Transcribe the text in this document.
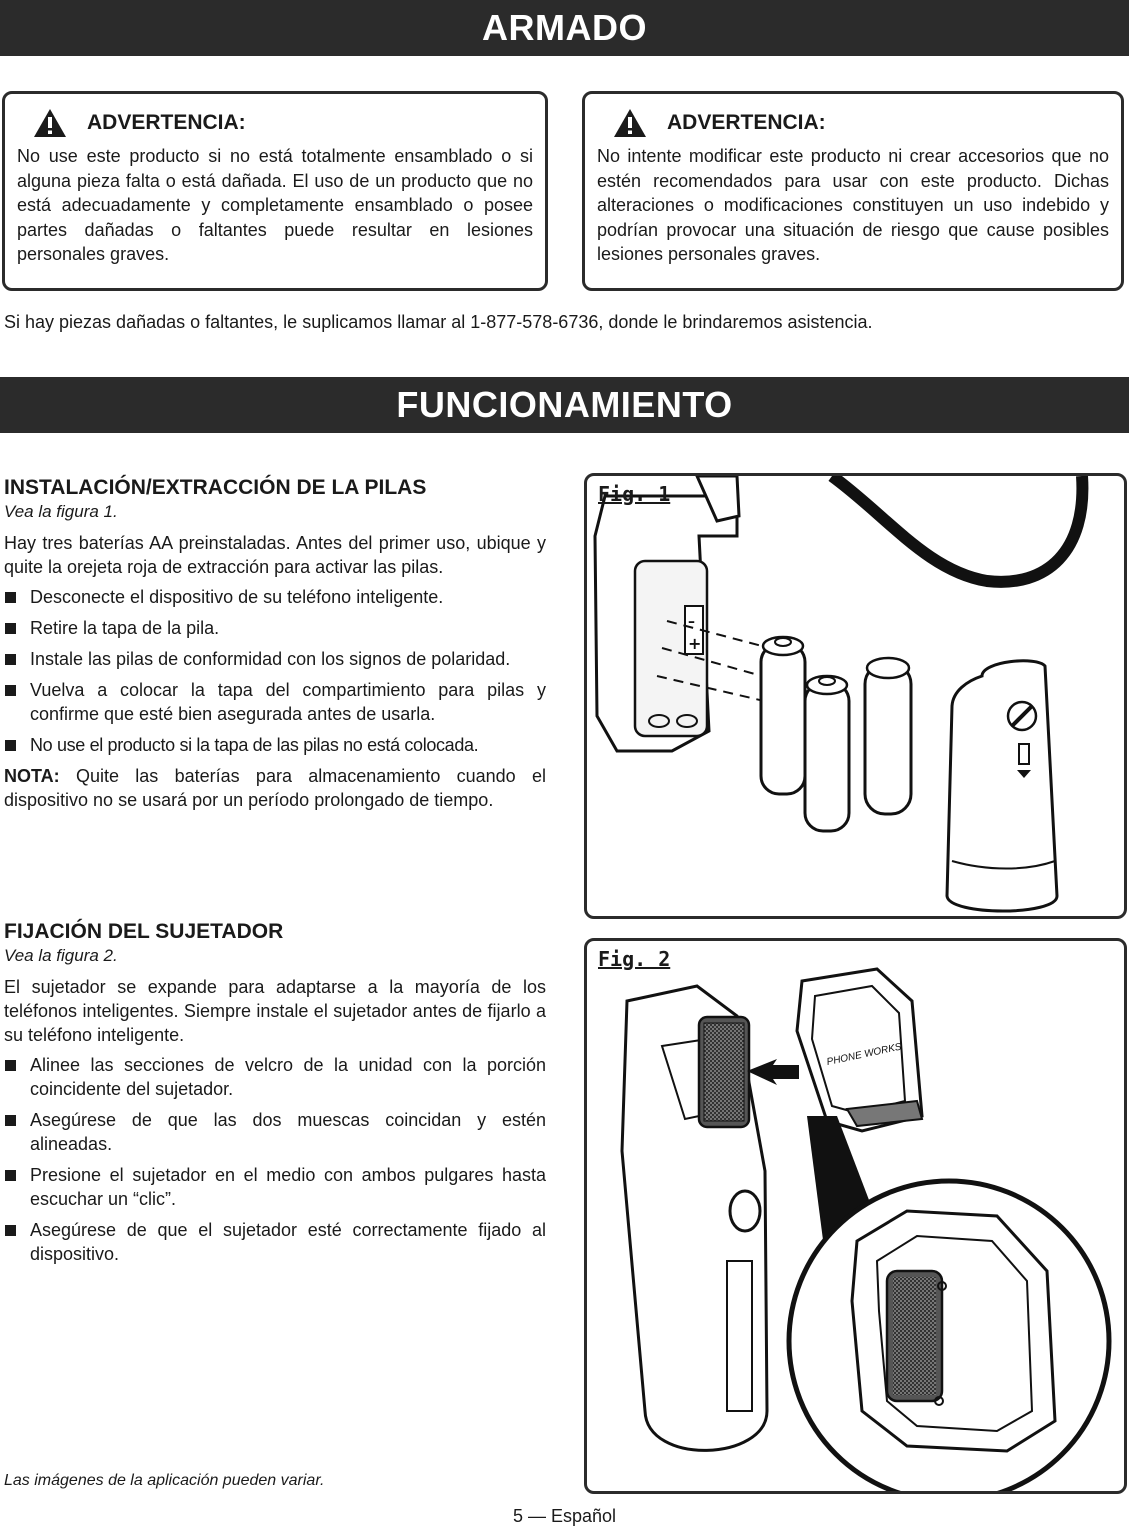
ARMADO
ADVERTENCIA:
No use este producto si no está totalmente ensamblado o si alguna pieza falta o está dañada. El uso de un producto que no está adecuadamente y completamente ensamblado o posee partes dañadas o faltantes puede resultar en lesiones personales graves.
ADVERTENCIA:
No intente modificar este producto ni crear accesorios que no estén recomendados para usar con este producto. Dichas alteraciones o modificaciones constituyen un uso indebido y podrían provocar una situación de riesgo que cause posibles lesiones personales graves.
Si hay piezas dañadas o faltantes, le suplicamos llamar al 1-877-578-6736, donde le brindaremos asistencia.
FUNCIONAMIENTO
INSTALACIÓN/EXTRACCIÓN DE LA PILAS
Vea la figura 1.

Hay tres baterías AA preinstaladas. Antes del primer uso, ubique y quite la orejeta roja de extracción para activar las pilas.

Desconecte el dispositivo de su teléfono inteligente.
Retire la tapa de la pila.
Instale las pilas de conformidad con los signos de polaridad.
Vuelva a colocar la tapa del compartimiento para pilas y confirme que esté bien asegurada antes de usarla.
No use el producto si la tapa de las pilas no está colocada.

NOTA: Quite las baterías para almacenamiento cuando el dispositivo no se usará por un período prolongado de tiempo.

FIJACIÓN DEL SUJETADOR
Vea la figura 2.

El sujetador se expande para adaptarse a la mayoría de los teléfonos inteligentes. Siempre instale el sujetador antes de fijarlo a su teléfono inteligente.

Alinee las secciones de velcro de la unidad con la porción coincidente del sujetador.
Asegúrese de que las dos muescas coincidan y estén alineadas.
Presione el sujetador en el medio con ambos pulgares hasta escuchar un “clic”.
Asegúrese de que el sujetador esté correctamente fijado al dispositivo.
Fig. 1
–
+
Fig. 2
PHONE WORKS
Las imágenes de la aplicación pueden variar.
5 — Español
